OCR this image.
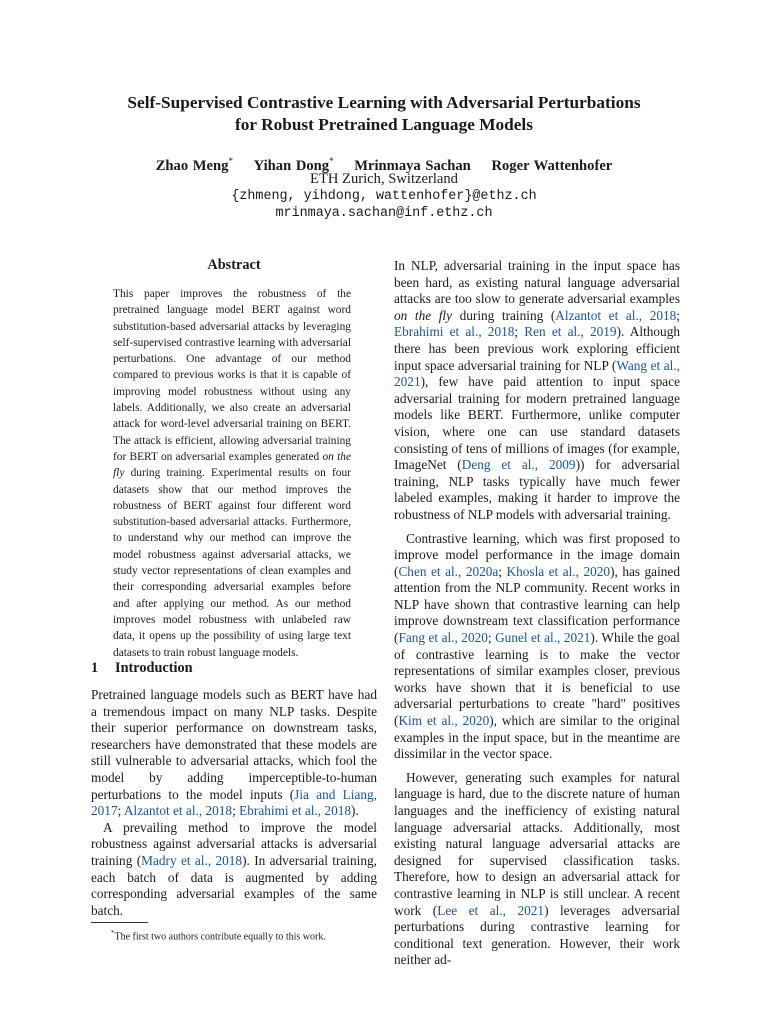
Self-Supervised Contrastive Learning with Adversarial Perturbations
for Robust Pretrained Language Models
Zhao Meng* Yihan Dong* Mrinmaya Sachan Roger Wattenhofer
ETH Zurich, Switzerland
{zhmeng, yihdong, wattenhofer}@ethz.ch
mrinmaya.sachan@inf.ethz.ch
Abstract

This paper improves the robustness of the pretrained language model BERT against word substitution-based adversarial attacks by leveraging self-supervised contrastive learning with adversarial perturbations. One advantage of our method compared to previous works is that it is capable of improving model robustness without using any labels. Additionally, we also create an adversarial attack for word-level adversarial training on BERT. The attack is efficient, allowing adversarial training for BERT on adversarial examples generated on the fly during training. Experimental results on four datasets show that our method improves the robustness of BERT against four different word substitution-based adversarial attacks. Furthermore, to understand why our method can improve the model robustness against adversarial attacks, we study vector representations of clean examples and their corresponding adversarial examples before and after applying our method. As our method improves model robustness with unlabeled raw data, it opens up the possibility of using large text datasets to train robust language models.

1 Introduction

Pretrained language models such as BERT have had a tremendous impact on many NLP tasks. Despite their superior performance on downstream tasks, researchers have demonstrated that these models are still vulnerable to adversarial attacks, which fool the model by adding imperceptible-to-human perturbations to the model inputs (Jia and Liang, 2017; Alzantot et al., 2018; Ebrahimi et al., 2018).

A prevailing method to improve the model robustness against adversarial attacks is adversarial training (Madry et al., 2018). In adversarial training, each batch of data is augmented by adding corresponding adversarial examples of the same batch.

*The first two authors contribute equally to this work.

In NLP, adversarial training in the input space has been hard, as existing natural language adversarial attacks are too slow to generate adversarial examples on the fly during training (Alzantot et al., 2018; Ebrahimi et al., 2018; Ren et al., 2019). Although there has been previous work exploring efficient input space adversarial training for NLP (Wang et al., 2021), few have paid attention to input space adversarial training for modern pretrained language models like BERT. Furthermore, unlike computer vision, where one can use standard datasets consisting of tens of millions of images (for example, ImageNet (Deng et al., 2009)) for adversarial training, NLP tasks typically have much fewer labeled examples, making it harder to improve the robustness of NLP models with adversarial training.

Contrastive learning, which was first proposed to improve model performance in the image domain (Chen et al., 2020a; Khosla et al., 2020), has gained attention from the NLP community. Recent works in NLP have shown that contrastive learning can help improve downstream text classification performance (Fang et al., 2020; Gunel et al., 2021). While the goal of contrastive learning is to make the vector representations of similar examples closer, previous works have shown that it is beneficial to use adversarial perturbations to create "hard" positives (Kim et al., 2020), which are similar to the original examples in the input space, but in the meantime are dissimilar in the vector space.

However, generating such examples for natural language is hard, due to the discrete nature of human languages and the inefficiency of existing natural language adversarial attacks. Additionally, most existing natural language adversarial attacks are designed for supervised classification tasks. Therefore, how to design an adversarial attack for contrastive learning in NLP is still unclear. A recent work (Lee et al., 2021) leverages adversarial perturbations during contrastive learning for conditional text generation. However, their work neither ad-
